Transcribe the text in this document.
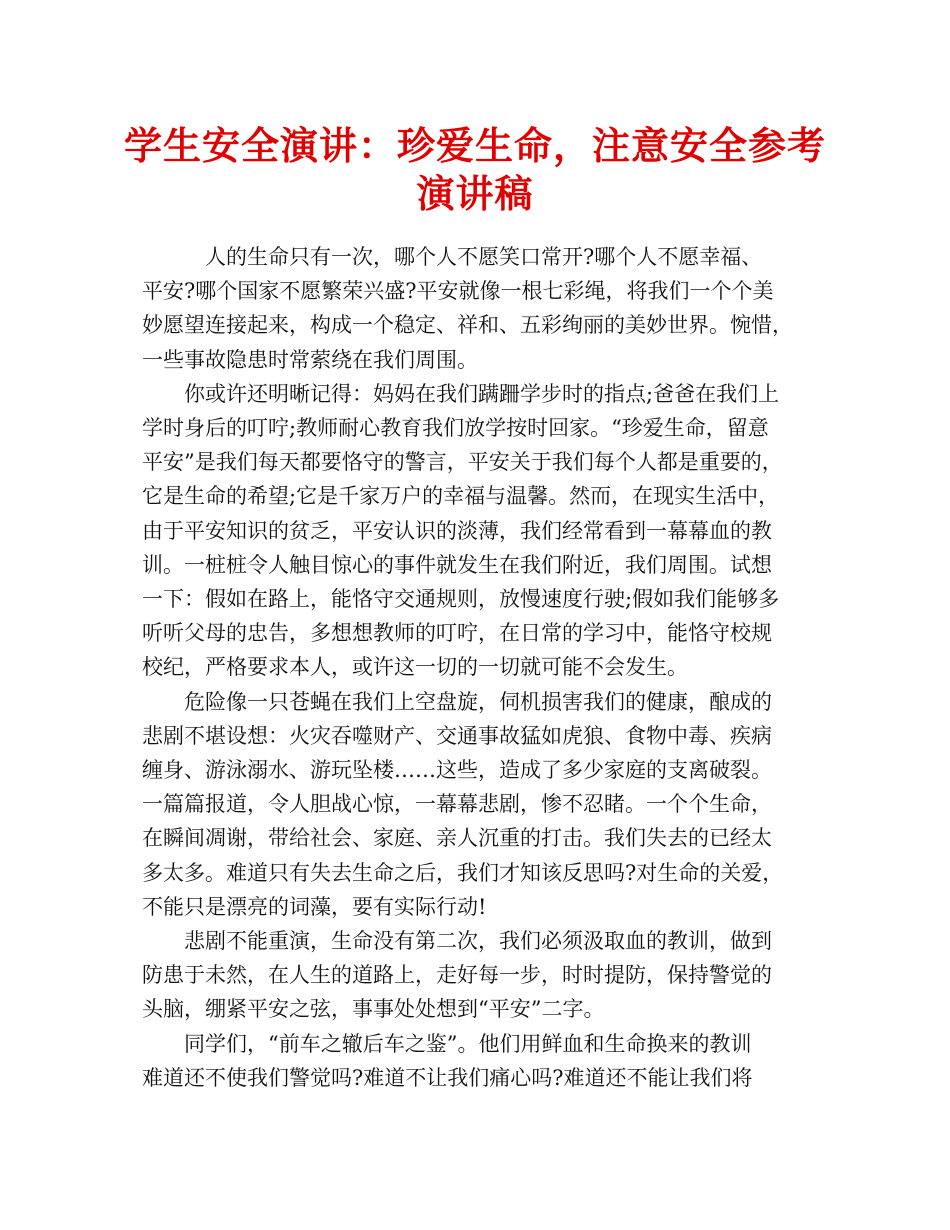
学生安全演讲：珍爱生命，注意安全参考
演讲稿

　　　人的生命只有一次，哪个人不愿笑口常开?哪个人不愿幸福、

平安?哪个国家不愿繁荣兴盛?平安就像一根七彩绳，将我们一个个美

妙愿望连接起来，构成一个稳定、祥和、五彩绚丽的美妙世界。惋惜，

一些事故隐患时常萦绕在我们周围。

　　你或许还明晰记得：妈妈在我们蹒跚学步时的指点;爸爸在我们上

学时身后的叮咛;教师耐心教育我们放学按时回家。“珍爱生命，留意

平安”是我们每天都要恪守的警言，平安关于我们每个人都是重要的，

它是生命的希望;它是千家万户的幸福与温馨。然而，在现实生活中，

由于平安知识的贫乏，平安认识的淡薄，我们经常看到一幕幕血的教

训。一桩桩令人触目惊心的事件就发生在我们附近，我们周围。试想

一下：假如在路上，能恪守交通规则，放慢速度行驶;假如我们能够多

听听父母的忠告，多想想教师的叮咛，在日常的学习中，能恪守校规

校纪，严格要求本人，或许这一切的一切就可能不会发生。

　　危险像一只苍蝇在我们上空盘旋，伺机损害我们的健康，酿成的

悲剧不堪设想：火灾吞噬财产、交通事故猛如虎狼、食物中毒、疾病

缠身、游泳溺水、游玩坠楼……这些，造成了多少家庭的支离破裂。

一篇篇报道，令人胆战心惊，一幕幕悲剧，惨不忍睹。一个个生命，

在瞬间凋谢，带给社会、家庭、亲人沉重的打击。我们失去的已经太

多太多。难道只有失去生命之后，我们才知该反思吗?对生命的关爱，

不能只是漂亮的词藻，要有实际行动!

　　悲剧不能重演，生命没有第二次，我们必须汲取血的教训，做到

防患于未然，在人生的道路上，走好每一步，时时提防，保持警觉的

头脑，绷紧平安之弦，事事处处想到“平安”二字。

　　同学们，“前车之辙后车之鉴”。他们用鲜血和生命换来的教训

难道还不使我们警觉吗?难道不让我们痛心吗?难道还不能让我们将
